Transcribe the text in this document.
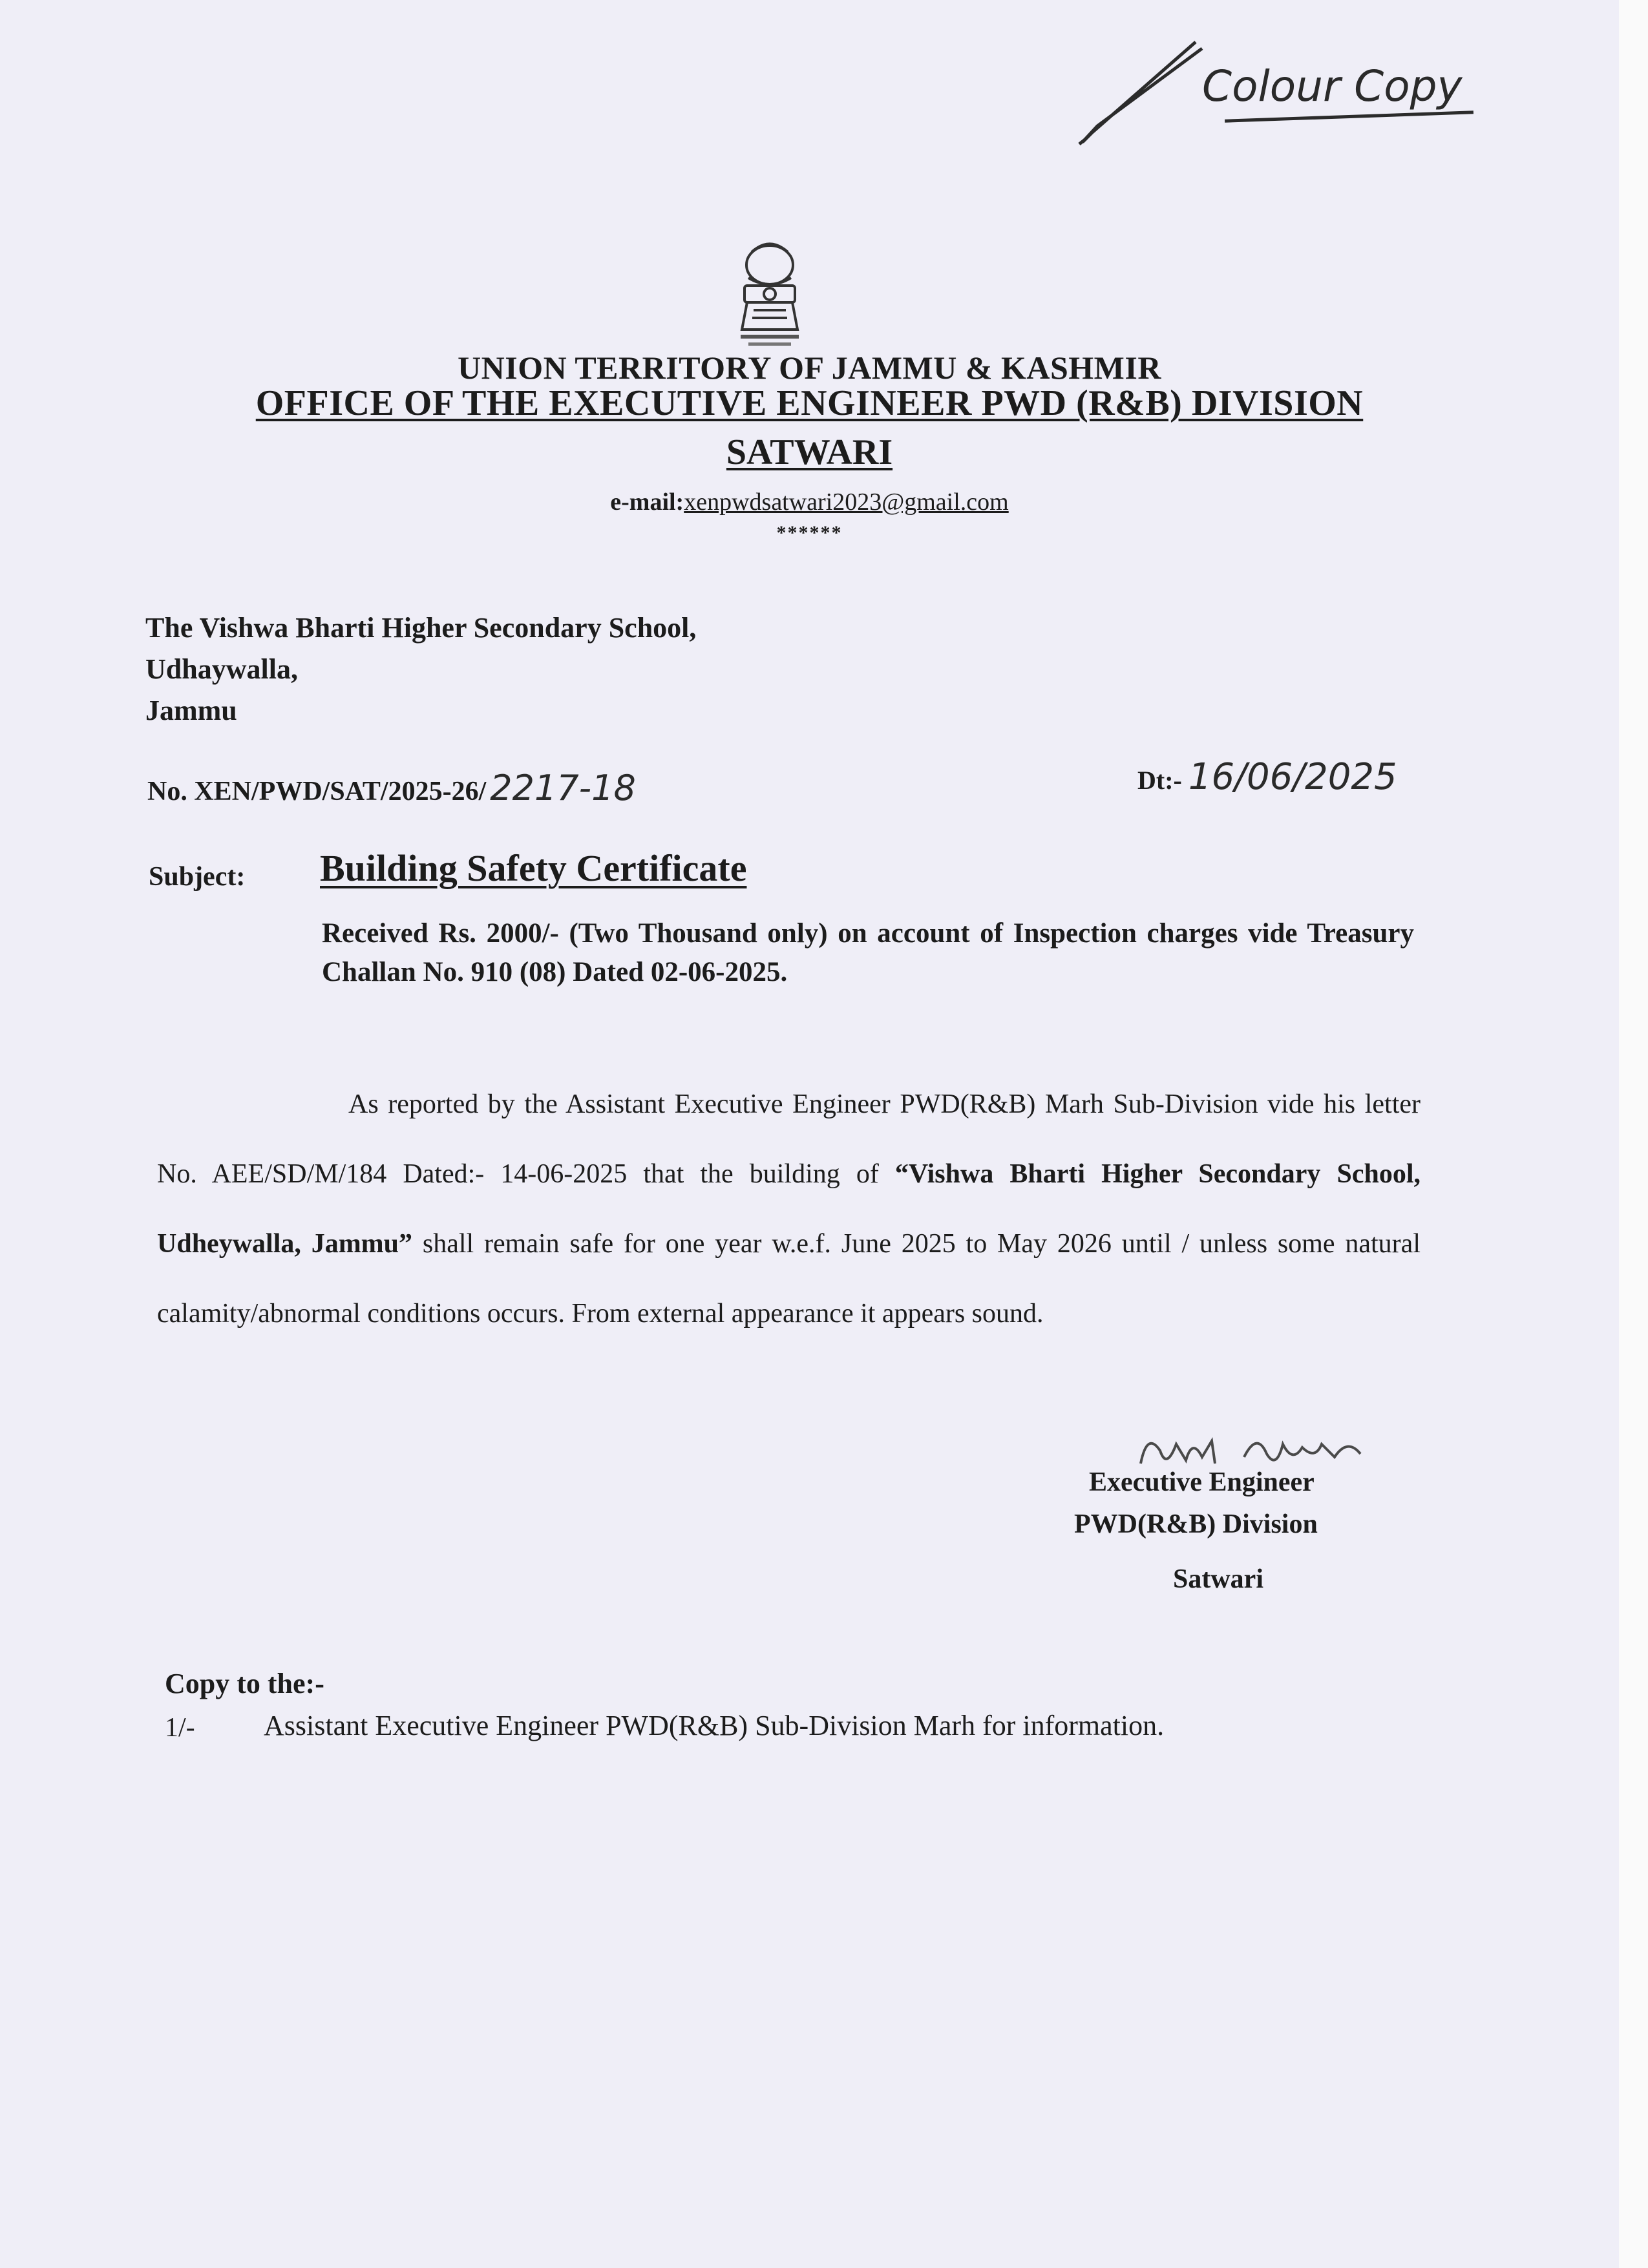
Colour Copy
UNION TERRITORY OF JAMMU & KASHMIR
OFFICE OF THE EXECUTIVE ENGINEER PWD (R&B) DIVISION
SATWARI
e-mail:xenpwdsatwari2023@gmail.com
******
The Vishwa Bharti Higher Secondary School,
Udhaywalla,
Jammu
No. XEN/PWD/SAT/2025-26/ 2217-18	Dt:- 16/06/2025
Subject: Building Safety Certificate
Received Rs. 2000/- (Two Thousand only) on account of Inspection charges vide Treasury Challan No. 910 (08) Dated 02-06-2025.
As reported by the Assistant Executive Engineer PWD(R&B) Marh Sub-Division vide his letter No. AEE/SD/M/184 Dated:- 14-06-2025 that the building of “Vishwa Bharti Higher Secondary School, Udheywalla, Jammu” shall remain safe for one year w.e.f. June 2025 to May 2026 until / unless some natural calamity/abnormal conditions occurs. From external appearance it appears sound.
Executive Engineer
PWD(R&B) Division
Satwari
Copy to the:-
1/- Assistant Executive Engineer PWD(R&B) Sub-Division Marh for information.
